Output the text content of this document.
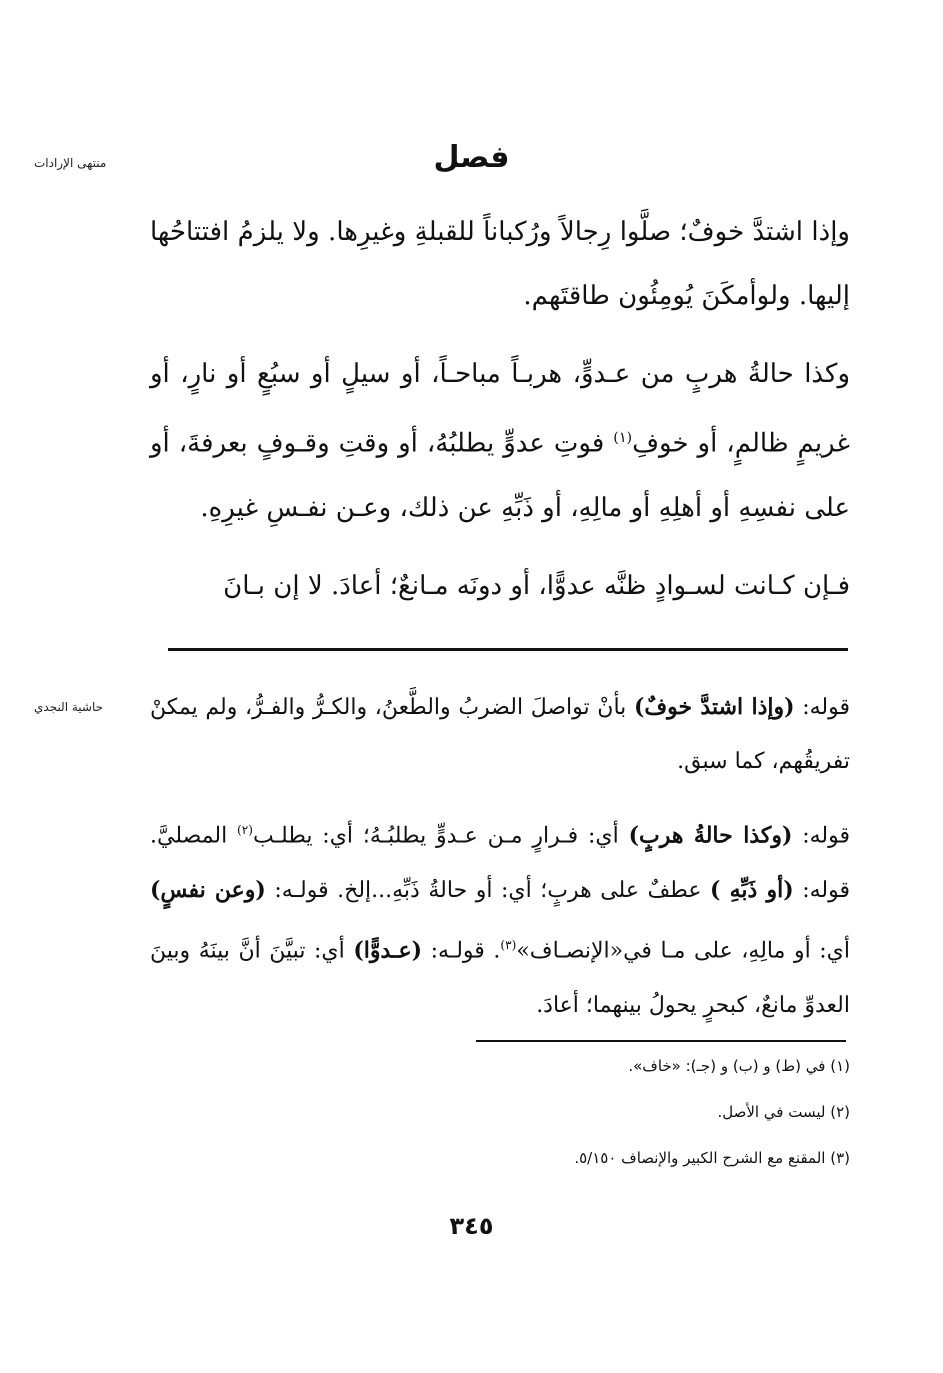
منتهى الإرادات	فصل

وإذا اشتدَّ خوفٌ؛ صلَّوا رِجالاً ورُكباناً للقبلةِ وغيرِها. ولا يلزمُ افتتاحُها إليها. ولوأمكَنَ يُومِئُون طاقتَهم.

وكذا حالةُ هربٍ من عـدوٍّ، هربـاً مباحـاً، أو سيلٍ أو سبُعٍ أو نارٍ، أو غريمٍ ظالمٍ، أو خوفِ$^{(١)}$ فوتِ عدوٍّ يطلبُهُ، أو وقتِ وقـوفٍ بعرفةَ، أو على نفسِهِ أو أهلِهِ أو مالِهِ، أو ذَبِّهِ عن ذلك، وعـن نفـسِ غيرِهِ.

فـإن كـانت لسـوادٍ ظنَّه عدوًّا، أو دونَه مـانعٌ؛ أعادَ. لا إن بـانَ

حاشية النجدي	قوله: (وإذا اشتدَّ خوفٌ) بأنْ تواصلَ الضربُ والطَّعنُ، والكـرُّ والفـرُّ، ولم يمكنْ تفريقُهم، كما سبق.

قوله: (وكذا حالةُ هربٍ) أي: فـرارٍ مـن عـدوٍّ يطلبُـهُ؛ أي: يطلـب$^{(٢)}$ المصليَّ. قوله: (أو ذَبِّهِ ) عطفٌ على هربٍ؛ أي: أو حالةُ ذَبِّهِ...إلخ. قولـه: (وعن نفسٍ) أي: أو مالِهِ، على مـا في«الإنصـاف»$^{(٣)}$. قولـه: (عـدوًّا) أي: تبيَّنَ أنَّ بينَهُ وبينَ العدوِّ مانعٌ، كبحرٍ يحولُ بينهما؛ أعادَ.

(١) في (ط) و (ب) و (جـ): «خاف».

(٢) ليست في الأصل.

(٣) المقنع مع الشرح الكبير والإنصاف ٥/١٥٠.

٣٤٥
